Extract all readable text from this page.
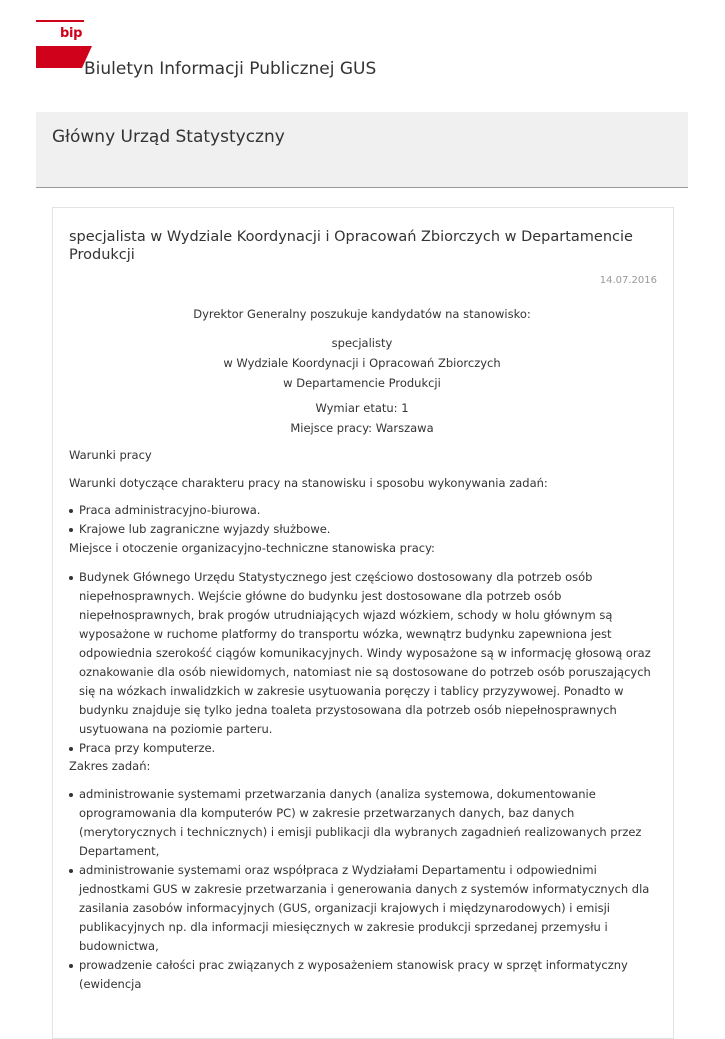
bip
Biuletyn Informacji Publicznej GUS
Główny Urząd Statystyczny
specjalista w Wydziale Koordynacji i Opracowań Zbiorczych w Departamencie Produkcji
14.07.2016
Dyrektor Generalny poszukuje kandydatów na stanowisko:
specjalisty
w Wydziale Koordynacji i Opracowań Zbiorczych
w Departamencie Produkcji
Wymiar etatu: 1
Miejsce pracy: Warszawa
Warunki pracy
Warunki dotyczące charakteru pracy na stanowisku i sposobu wykonywania zadań:
Praca administracyjno-biurowa.
Krajowe lub zagraniczne wyjazdy służbowe.
Miejsce i otoczenie organizacyjno-techniczne stanowiska pracy:
Budynek Głównego Urzędu Statystycznego jest częściowo dostosowany dla potrzeb osób niepełnosprawnych. Wejście główne do budynku jest dostosowane dla potrzeb osób niepełnosprawnych, brak progów utrudniających wjazd wózkiem, schody w holu głównym są wyposażone w ruchome platformy do transportu wózka, wewnątrz budynku zapewniona jest odpowiednia szerokość ciągów komunikacyjnych. Windy wyposażone są w informację głosową oraz oznakowanie dla osób niewidomych, natomiast nie są dostosowane do potrzeb osób poruszających się na wózkach inwalidzkich w zakresie usytuowania poręczy i tablicy przyzywowej. Ponadto w budynku znajduje się tylko jedna toaleta przystosowana dla potrzeb osób niepełnosprawnych usytuowana na poziomie parteru.
Praca przy komputerze.
Zakres zadań:
administrowanie systemami przetwarzania danych (analiza systemowa, dokumentowanie oprogramowania dla komputerów PC) w zakresie przetwarzanych danych, baz danych (merytorycznych i technicznych) i emisji publikacji dla wybranych zagadnień realizowanych przez Departament,
administrowanie systemami oraz współpraca z Wydziałami Departamentu i odpowiednimi jednostkami GUS w zakresie przetwarzania i generowania danych z systemów informatycznych dla zasilania zasobów informacyjnych (GUS, organizacji krajowych i międzynarodowych) i emisji publikacyjnych np. dla informacji miesięcznych w zakresie produkcji sprzedanej przemysłu i budownictwa,
prowadzenie całości prac związanych z wyposażeniem stanowisk pracy w sprzęt informatyczny (ewidencja
